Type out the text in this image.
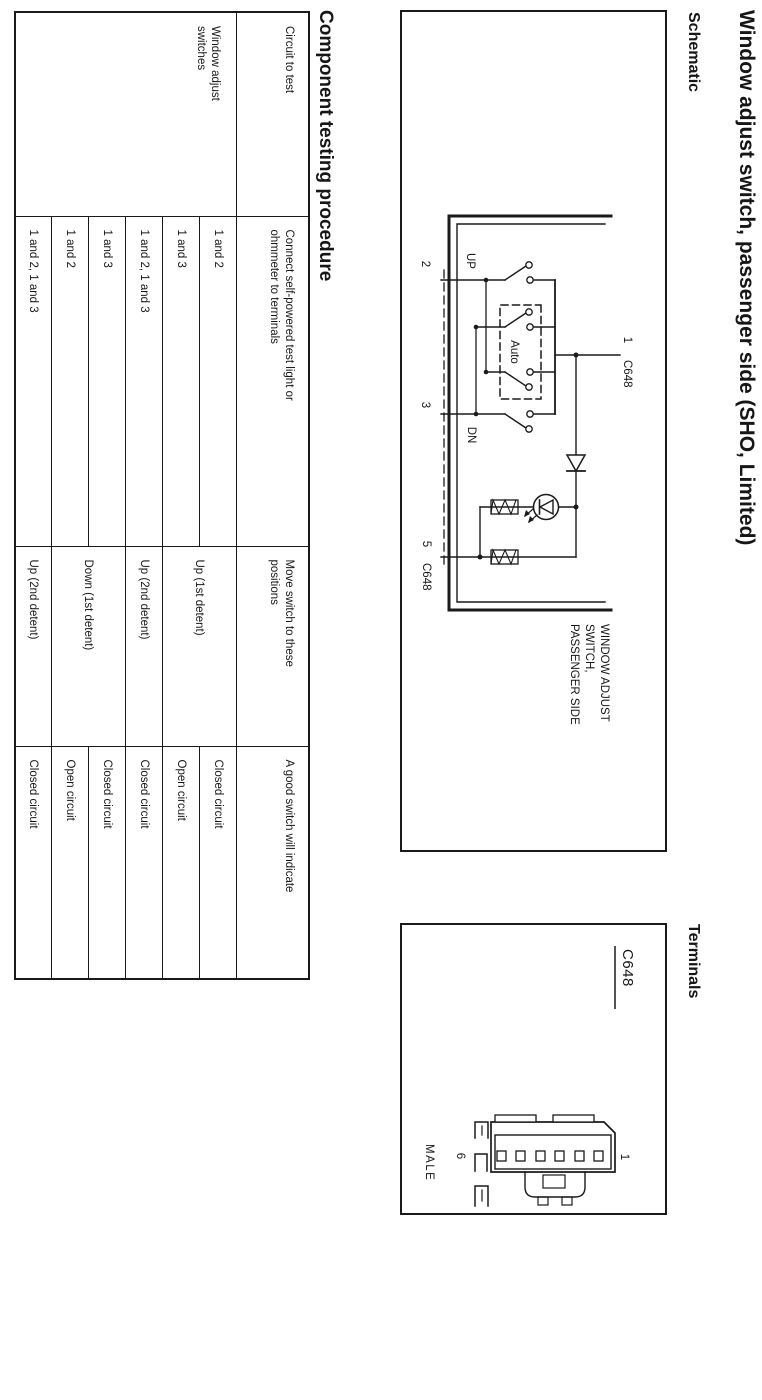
Window adjust switch, passenger side (SHO, Limited)
Schematic
2
3
5
C648
UP
DN
Auto
1
C648
WINDOW ADJUST
SWITCH,
PASSENGER SIDE
Terminals
C648
1
6
MALE
Component testing procedure
Circuit to test	Connect self-powered test light or ohmmeter to terminals	Move switch to these positions	A good switch will indicate
Window adjust switches	1 and 2	Up (1st detent)	Closed circuit
	1 and 3		Open circuit
	1 and 2, 1 and 3	Up (2nd detent)	Closed circuit
	1 and 3	Down (1st detent)	Closed circuit
	1 and 2		Open circuit
	1 and 2, 1 and 3	Up (2nd detent)	Closed circuit
